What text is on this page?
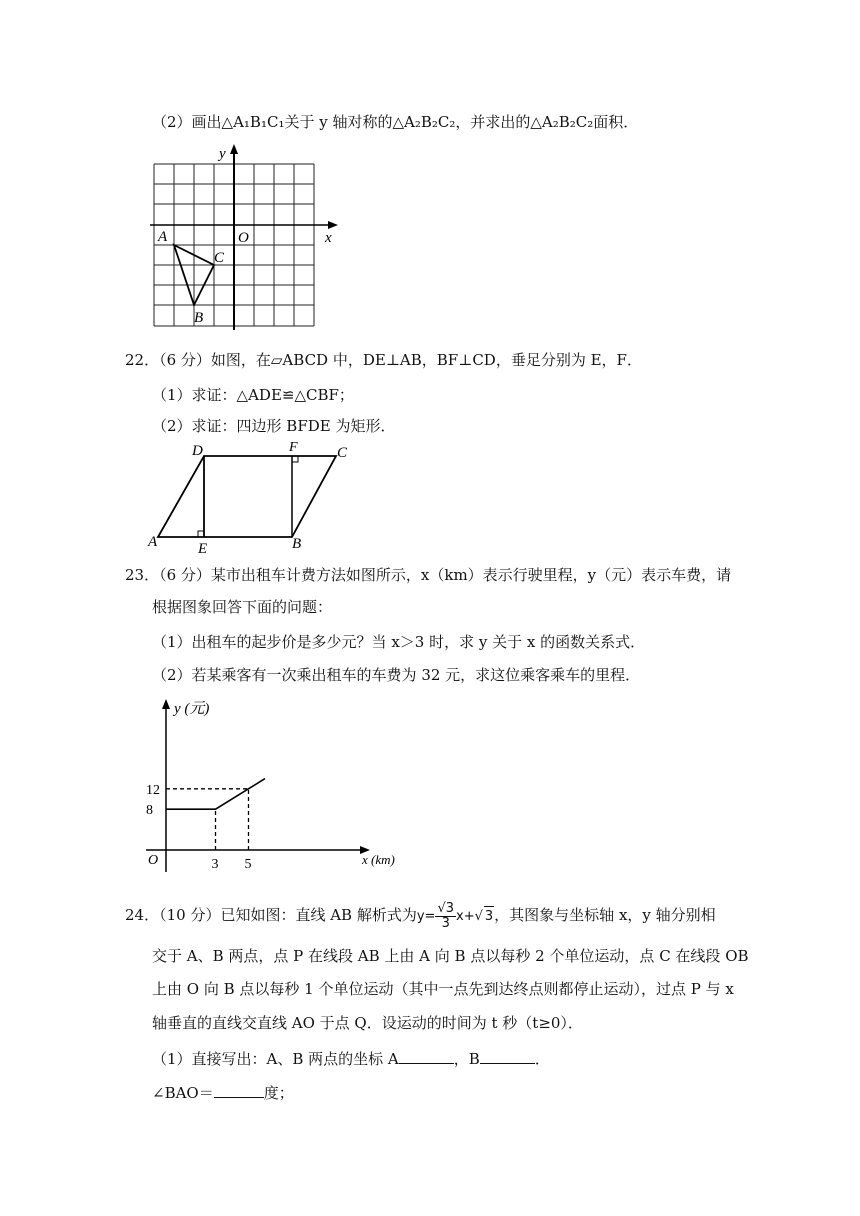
（2）画出△A₁B₁C₁关于 y 轴对称的△A₂B₂C₂，并求出的△A₂B₂C₂面积．
y
x
O
A
C
B
22．（6 分）如图，在▱ABCD 中，DE⊥AB，BF⊥CD，垂足分别为 E，F．
（1）求证：△ADE≌△CBF；
（2）求证：四边形 BFDE 为矩形．
A
D	F	C
E	B
23．（6 分）某市出租车计费方法如图所示，x（km）表示行驶里程，y（元）表示车费，请
根据图象回答下面的问题：
（1）出租车的起步价是多少元？当 x＞3 时，求 y 关于 x 的函数关系式．
（2）若某乘客有一次乘出租车的车费为 32 元，求这位乘客乘车的里程．
3 5
8
12
O
y (元)
x (km)
24．（10 分）已知如图：直线 AB 解析式为$y= \frac{√3}{3} x+√$ 3，其图象与坐标轴 x，y 轴分别相
交于 A、B 两点，点 P 在线段 AB 上由 A 向 B 点以每秒 2 个单位运动，点 C 在线段 OB
上由 O 向 B 点以每秒 1 个单位运动（其中一点先到达终点则都停止运动），过点 P 与 x
轴垂直的直线交直线 AO 于点 Q．设运动的时间为 t 秒（t≥0）．
（1）直接写出：A、B 两点的坐标 A	，B	．
∠BAO＝	度；
